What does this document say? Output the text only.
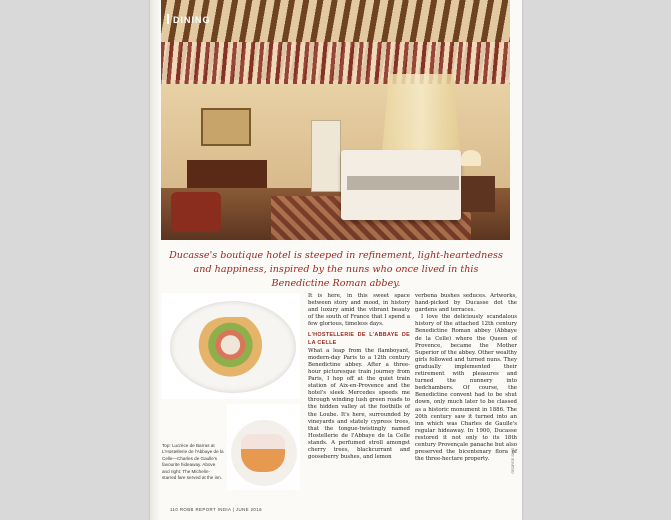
DINING
Ducasse's boutique hotel is steeped in refinement, light-heartedness and happiness, inspired by the nuns who once lived in this Benedictine Roman abbey.
Top: Lucrèce de Barras at L'Hostellerie de l'Abbaye de la Celle—Charles de Gaulle's favourite hideaway. Above and right: The Michelin-starred fare served at the inn.

It is here, in this sweet space between story and mood, in history and luxury amid the vibrant beauty of the south of France that I spend a few glorious, timeless days.

L'HOSTELLERIE DE L'ABBAYE DE LA CELLE

What a leap from the flamboyant, modern-day Paris to a 12th century Benedictine abbey. After a three-hour picturesque train journey from Paris, I hop off at the quiet train station of Aix-en-Provence and the hotel's sleek Mercedes speeds me through winding lush green roads to the hidden valley at the foothills of the Loube. It's here, surrounded by vineyards and stately cypress trees, that the tongue-twistingly named Hostellerie de l'Abbaye de la Celle stands. A perfumed stroll amongst cherry trees, blackcurrant and gooseberry bushes, and lemon

verbena bushes seduces. Artworks, hand-picked by Ducasse dot the gardens and terraces.

I love the deliciously scandalous history of the attached 12th century Benedictine Roman abbey (Abbaye de la Celle) where the Queen of Provence, became the Mother Superior of the abbey. Other wealthy girls followed and turned nuns. They gradually implemented their retirement with pleasures and turned the nunnery into bedchambers. Of course, the Benedictine convent had to be shut down, only much later to be classed as a historic monument in 1886. The 20th century saw it turned into an inn which was Charles de Gaulle's regular hideaway. In 1900, Ducasse restored it not only to its 18th century Provençale panache but also preserved the bicentenary flora of the three-hectare property.	GEORGE SMIS
110 ROBB REPORT INDIA | JUNE 2016
